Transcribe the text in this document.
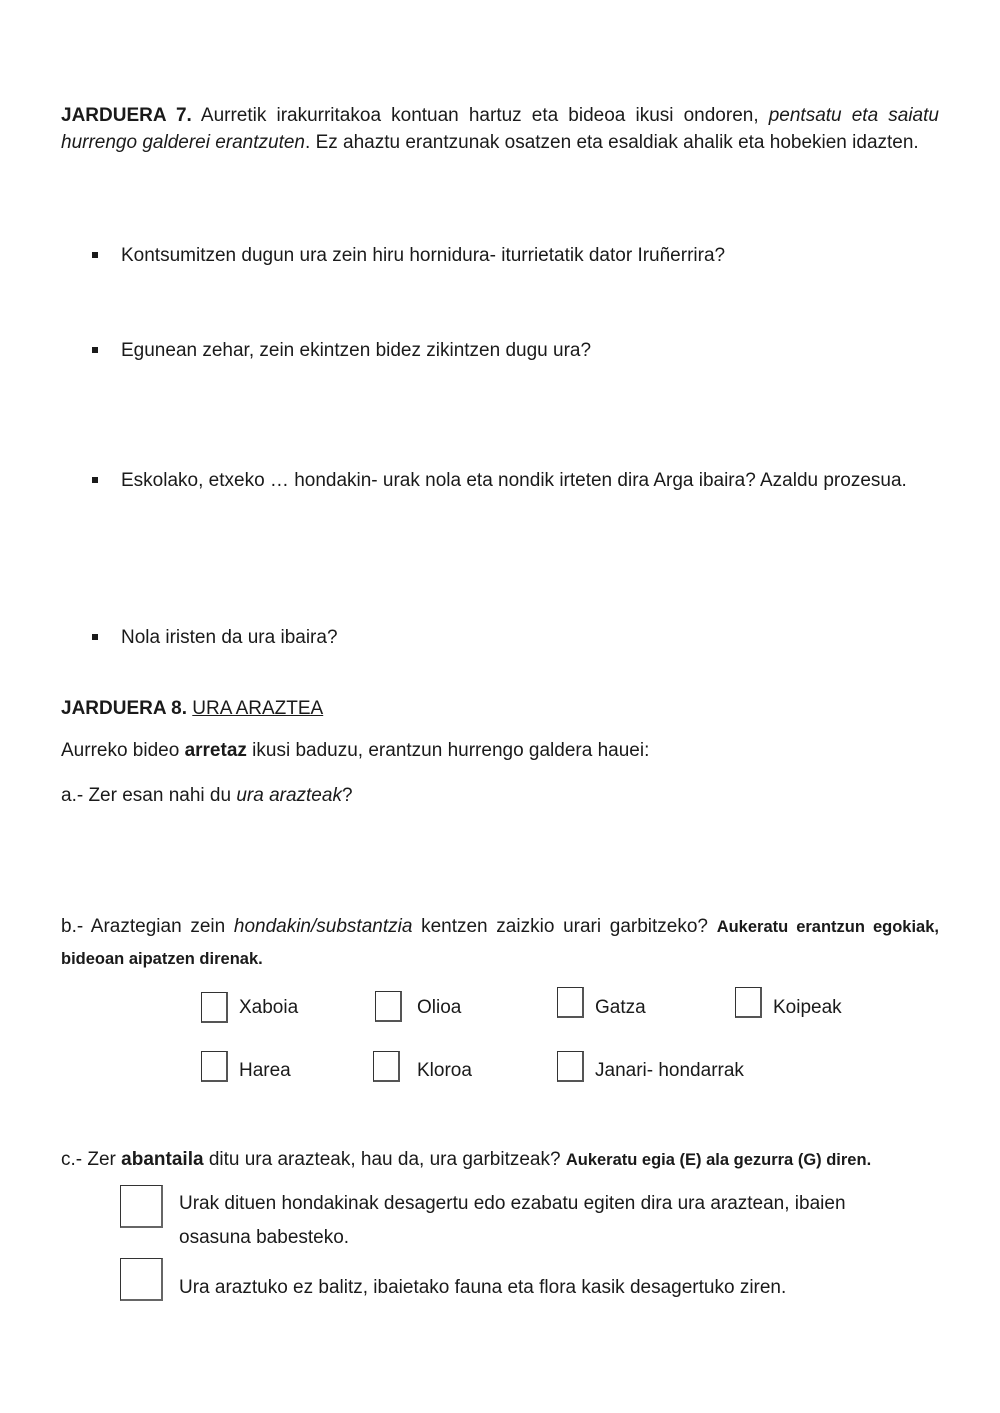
JARDUERA 7. Aurretik irakurritakoa kontuan hartuz eta bideoa ikusi ondoren, pentsatu eta saiatu hurrengo galderei erantzuten. Ez ahaztu erantzunak osatzen eta esaldiak ahalik eta hobekien idazten.
Kontsumitzen dugun ura zein hiru hornidura- iturrietatik dator Iruñerrira?
Egunean zehar, zein ekintzen bidez zikintzen dugu ura?
Eskolako, etxeko … hondakin- urak nola eta nondik irteten dira Arga ibaira? Azaldu prozesua.
Nola iristen da ura ibaira?
JARDUERA 8. URA ARAZTEA
Aurreko bideo arretaz ikusi baduzu, erantzun hurrengo galdera hauei:
a.- Zer esan nahi du ura arazteak?
b.- Araztegian zein hondakin/substantzia kentzen zaizkio urari garbitzeko? Aukeratu erantzun egokiak, bideoan aipatzen direnak.
Xaboia	Olioa	Gatza	Koipeak
Harea	Kloroa	Janari- hondarrak
c.- Zer abantaila ditu ura arazteak, hau da, ura garbitzeak? Aukeratu egia (E) ala gezurra (G) diren.
Urak dituen hondakinak desagertu edo ezabatu egiten dira ura araztean, ibaien osasuna babesteko.
Ura araztuko ez balitz, ibaietako fauna eta flora kasik desagertuko ziren.
